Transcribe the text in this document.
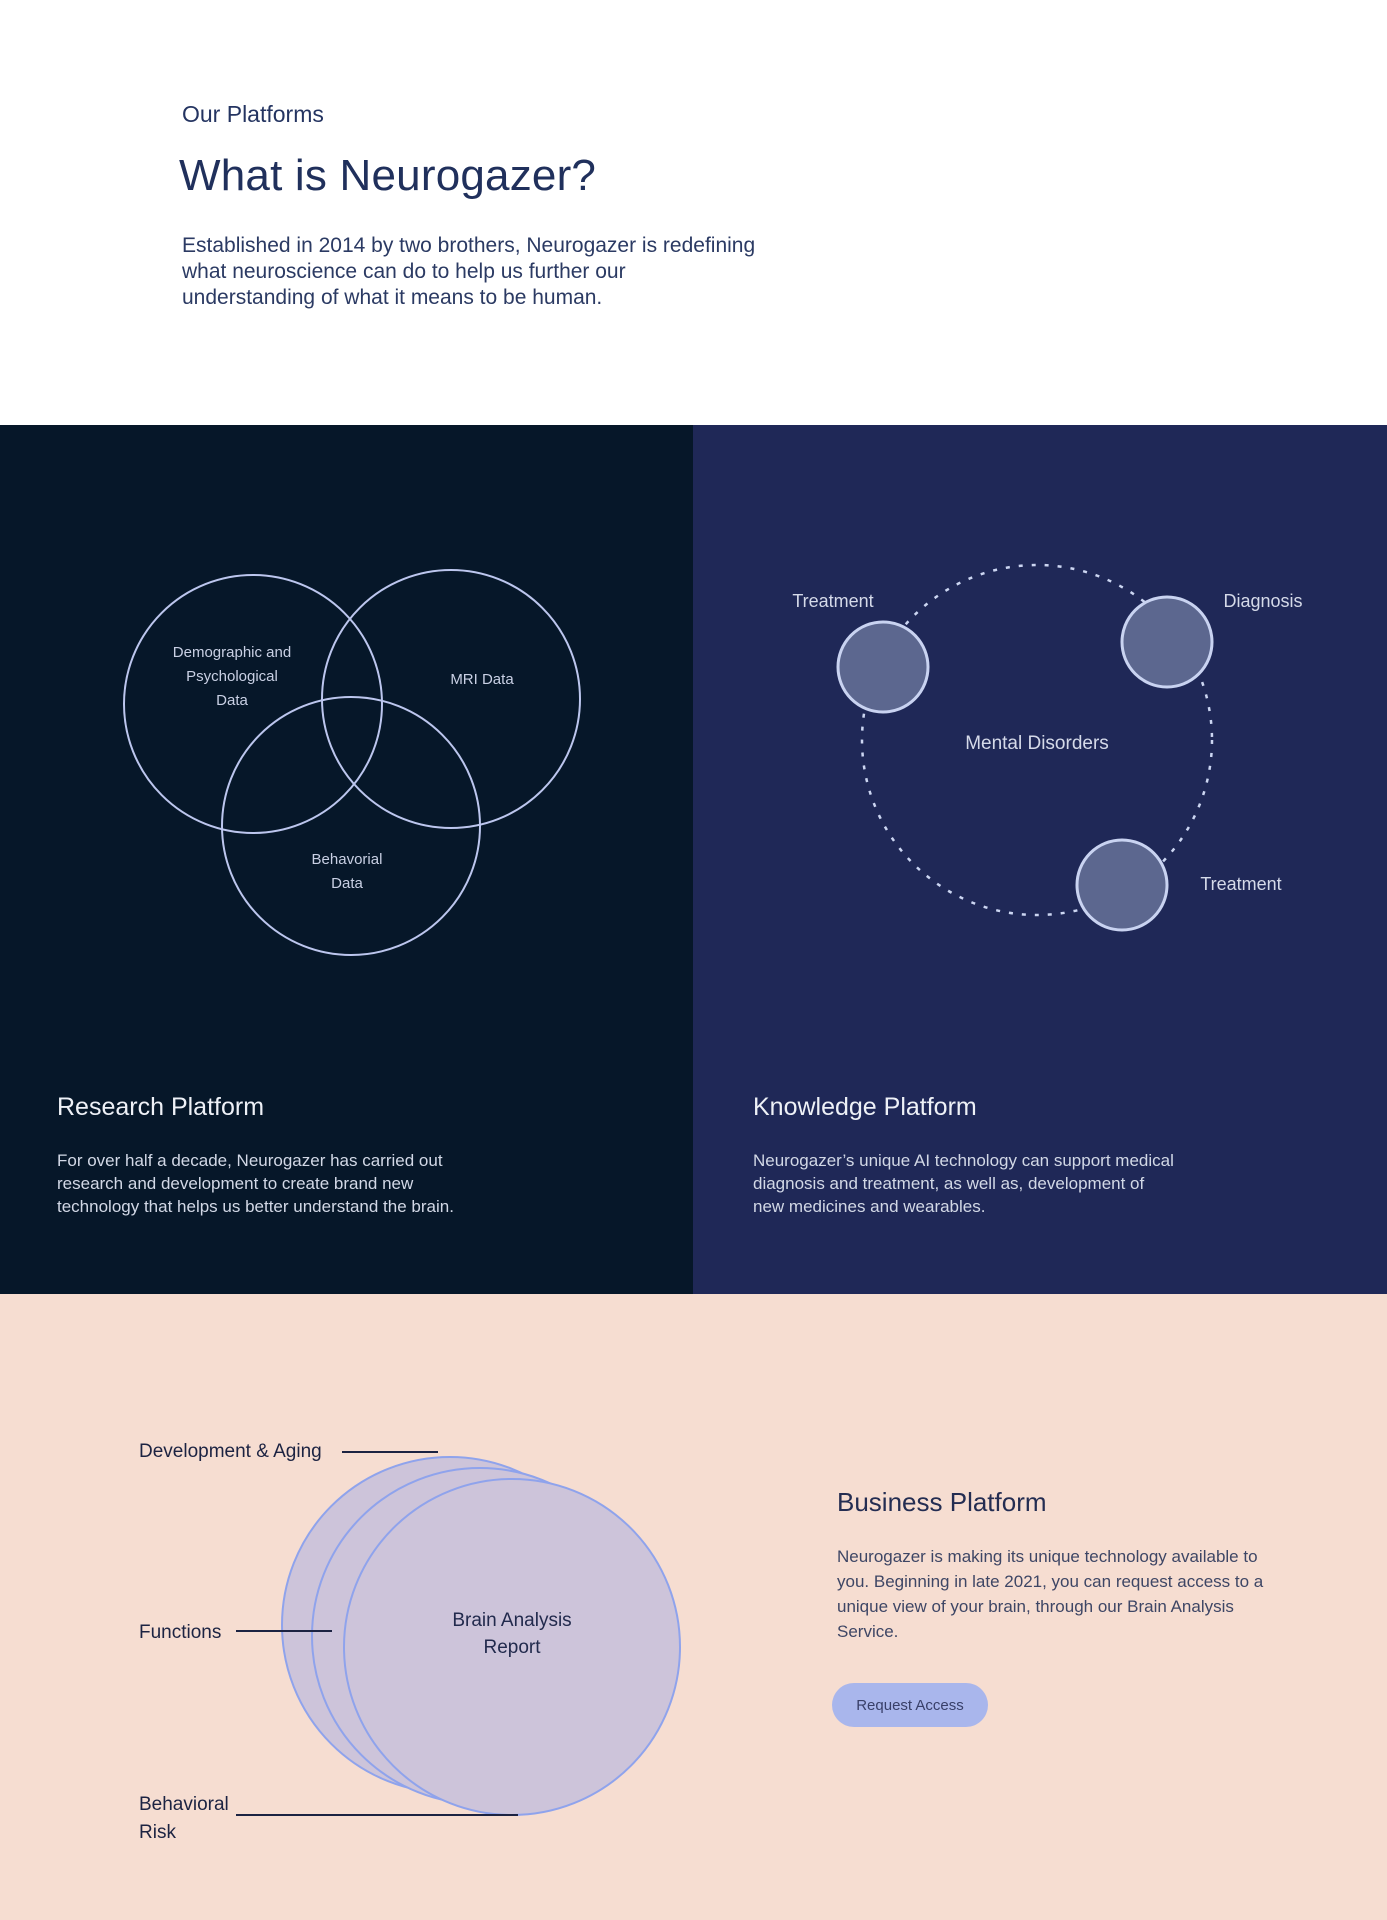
Our Platforms
What is Neurogazer?
Established in 2014 by two brothers, Neurogazer is redefining
what neuroscience can do to help us further our
understanding of what it means to be human.
Demographic and
Psychological
Data
MRI Data
Behavorial
Data
Research Platform
For over half a decade, Neurogazer has carried out
research and development to create brand new
technology that helps us better understand the brain.
Treatment	Diagnosis
Mental Disorders
Treatment
Knowledge Platform
Neurogazer’s unique AI technology can support medical
diagnosis and treatment, as well as, development of
new medicines and wearables.
Development & Aging
Functions
Brain Analysis
Report
Behavioral
Risk
Business Platform
Neurogazer is making its unique technology available to
you. Beginning in late 2021, you can request access to a
unique view of your brain, through our Brain Analysis
Service.
Request Access
